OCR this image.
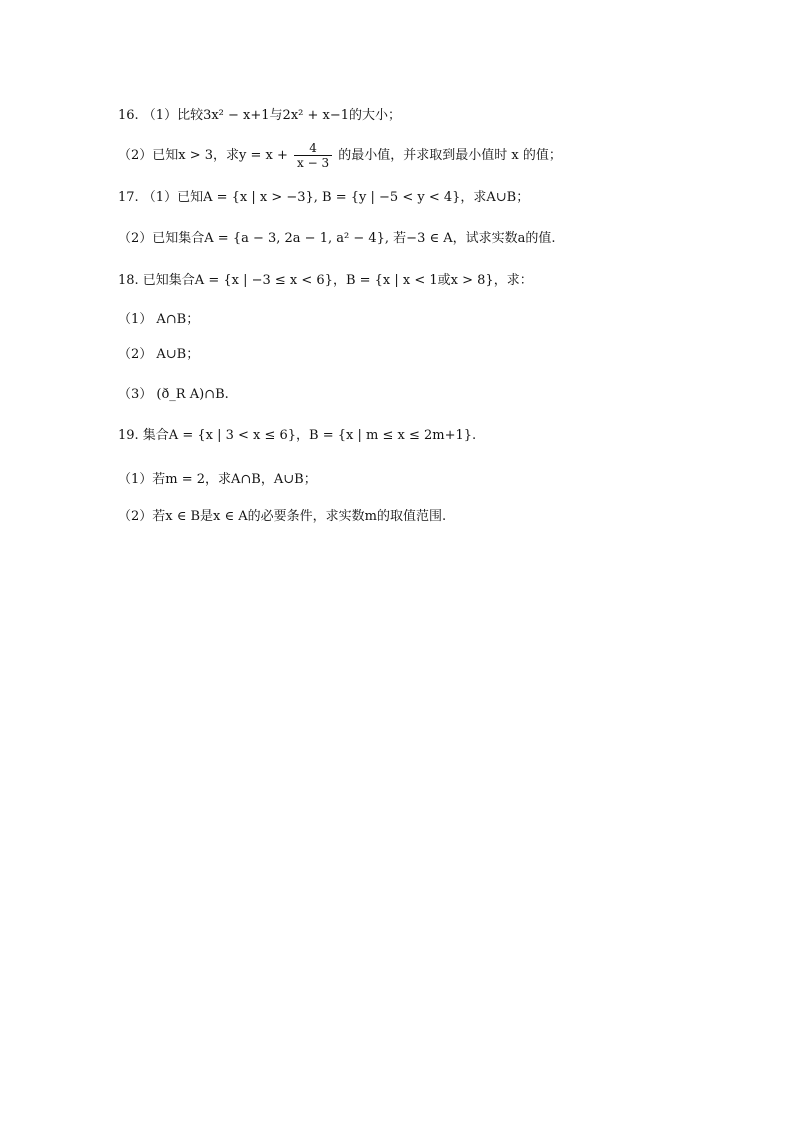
16. （1）比较3x² − x+1与2x² + x−1的大小；
（2）已知x > 3，求$y = x + \frac{4}{x - 3}$ 的最小值，并求取到最小值时 x 的值；
17. （1）已知A = {x | x > −3}, B = {y | −5 < y < 4}，求A∪B；
（2）已知集合A = {a − 3, 2a − 1, a² − 4}, 若−3 ∈ A，试求实数a的值.
18. 已知集合A = {x | −3 ≤ x < 6}，B = {x | x < 1或x > 8}，求：
（1） A∩B；
（2） A∪B；
（3） (ð_R A)∩B.
19. 集合A = {x | 3 < x ≤ 6}，B = {x | m ≤ x ≤ 2m+1}.
（1）若m = 2，求A∩B，A∪B；
（2）若x ∈ B是x ∈ A的必要条件，求实数m的取值范围.
